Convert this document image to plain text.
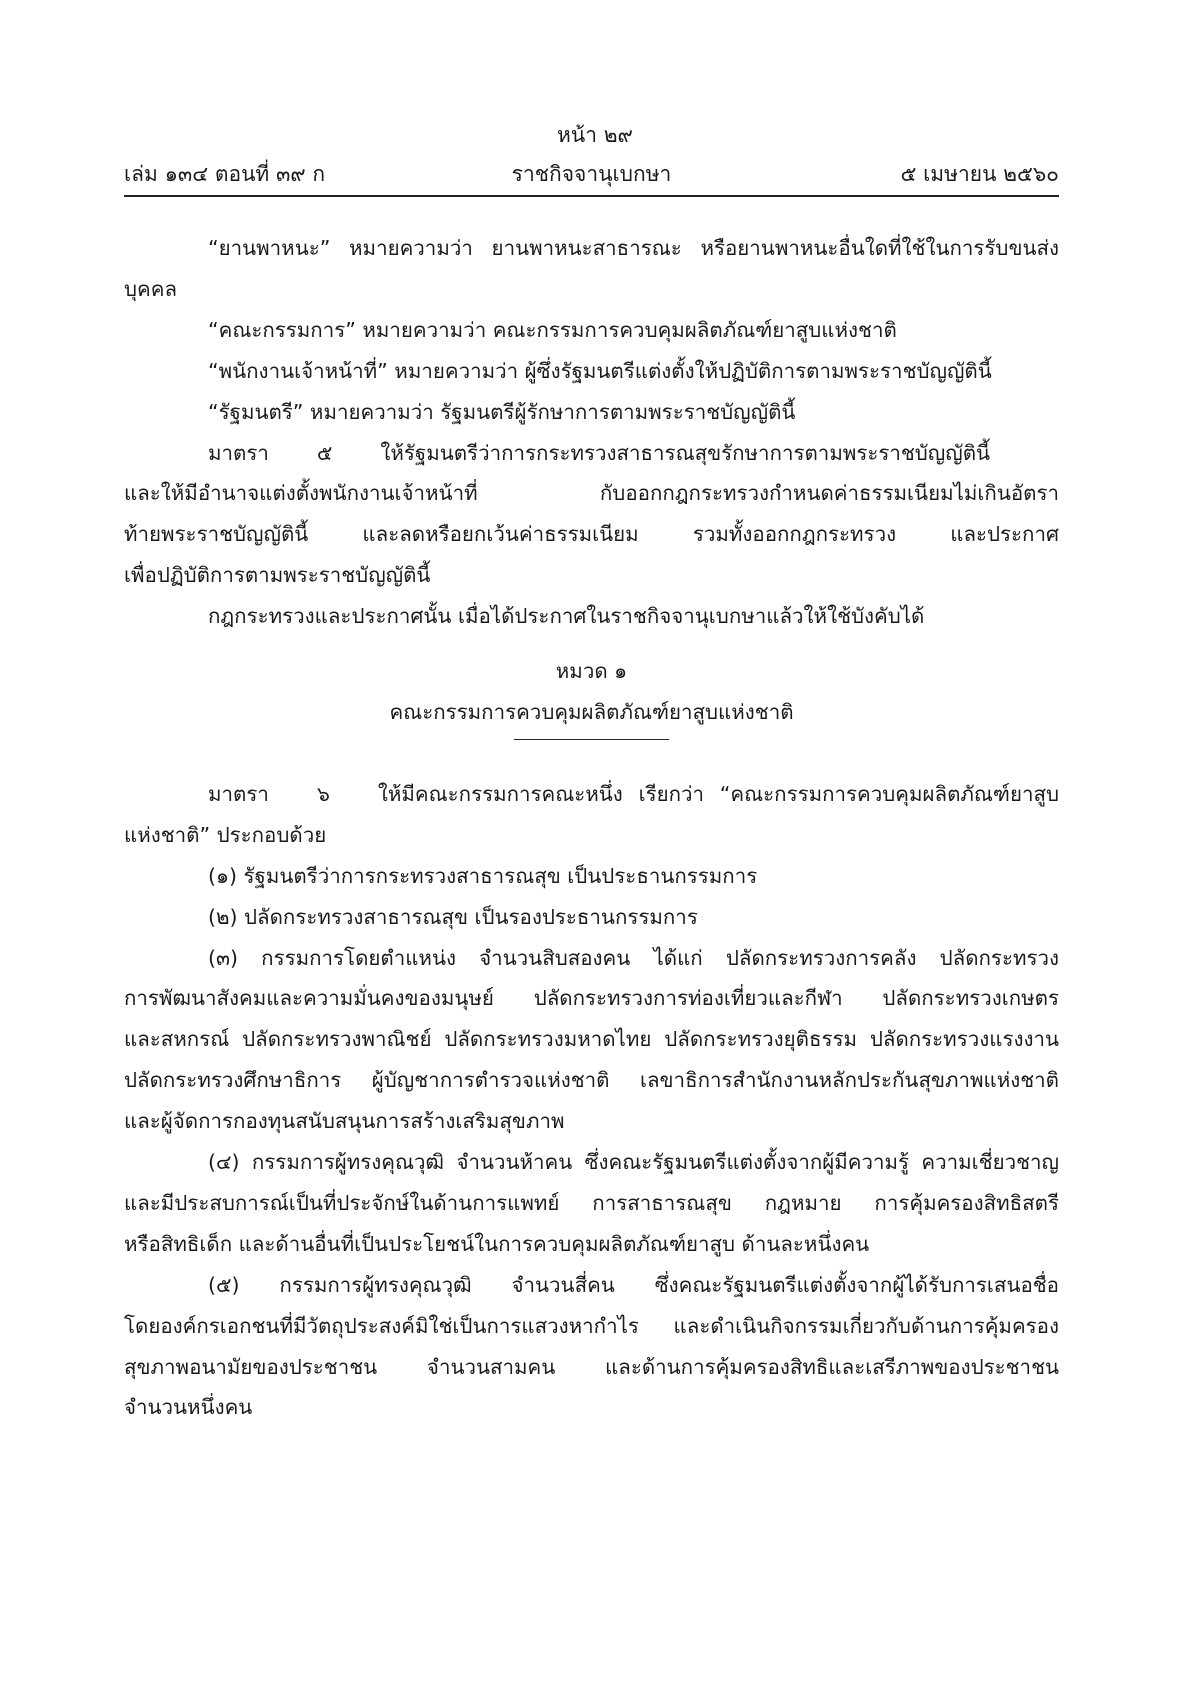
หน้า ๒๙
เล่ม ๑๓๔ ตอนที่ ๓๙ ก	ราชกิจจานุเบกษา	๕ เมษายน ๒๕๖๐

“ยานพาหนะ” หมายความว่า ยานพาหนะสาธารณะ หรือยานพาหนะอื่นใดที่ใช้ในการรับขนส่ง

บุคคล

“คณะกรรมการ” หมายความว่า คณะกรรมการควบคุมผลิตภัณฑ์ยาสูบแห่งชาติ

“พนักงานเจ้าหน้าที่” หมายความว่า ผู้ซึ่งรัฐมนตรีแต่งตั้งให้ปฏิบัติการตามพระราชบัญญัตินี้

“รัฐมนตรี” หมายความว่า รัฐมนตรีผู้รักษาการตามพระราชบัญญัตินี้

มาตรา ๕ ให้รัฐมนตรีว่าการกระทรวงสาธารณสุขรักษาการตามพระราชบัญญัตินี้

และให้มีอำนาจแต่งตั้งพนักงานเจ้าหน้าที่ กับออกกฎกระทรวงกำหนดค่าธรรมเนียมไม่เกินอัตรา

ท้ายพระราชบัญญัตินี้ และลดหรือยกเว้นค่าธรรมเนียม รวมทั้งออกกฎกระทรวง และประกาศ

เพื่อปฏิบัติการตามพระราชบัญญัตินี้

กฎกระทรวงและประกาศนั้น เมื่อได้ประกาศในราชกิจจานุเบกษาแล้วให้ใช้บังคับได้

หมวด ๑

คณะกรรมการควบคุมผลิตภัณฑ์ยาสูบแห่งชาติ

มาตรา ๖ ให้มีคณะกรรมการคณะหนึ่ง เรียกว่า “คณะกรรมการควบคุมผลิตภัณฑ์ยาสูบ

แห่งชาติ” ประกอบด้วย

(๑) รัฐมนตรีว่าการกระทรวงสาธารณสุข เป็นประธานกรรมการ

(๒) ปลัดกระทรวงสาธารณสุข เป็นรองประธานกรรมการ

(๓) กรรมการโดยตำแหน่ง จำนวนสิบสองคน ได้แก่ ปลัดกระทรวงการคลัง ปลัดกระทรวง

การพัฒนาสังคมและความมั่นคงของมนุษย์ ปลัดกระทรวงการท่องเที่ยวและกีฬา ปลัดกระทรวงเกษตร

และสหกรณ์ ปลัดกระทรวงพาณิชย์ ปลัดกระทรวงมหาดไทย ปลัดกระทรวงยุติธรรม ปลัดกระทรวงแรงงาน

ปลัดกระทรวงศึกษาธิการ ผู้บัญชาการตำรวจแห่งชาติ เลขาธิการสำนักงานหลักประกันสุขภาพแห่งชาติ

และผู้จัดการกองทุนสนับสนุนการสร้างเสริมสุขภาพ

(๔) กรรมการผู้ทรงคุณวุฒิ จำนวนห้าคน ซึ่งคณะรัฐมนตรีแต่งตั้งจากผู้มีความรู้ ความเชี่ยวชาญ

และมีประสบการณ์เป็นที่ประจักษ์ในด้านการแพทย์ การสาธารณสุข กฎหมาย การคุ้มครองสิทธิสตรี

หรือสิทธิเด็ก และด้านอื่นที่เป็นประโยชน์ในการควบคุมผลิตภัณฑ์ยาสูบ ด้านละหนึ่งคน

(๕) กรรมการผู้ทรงคุณวุฒิ จำนวนสี่คน ซึ่งคณะรัฐมนตรีแต่งตั้งจากผู้ได้รับการเสนอชื่อ

โดยองค์กรเอกชนที่มีวัตถุประสงค์มิใช่เป็นการแสวงหากำไร และดำเนินกิจกรรมเกี่ยวกับด้านการคุ้มครอง

สุขภาพอนามัยของประชาชน จำนวนสามคน และด้านการคุ้มครองสิทธิและเสรีภาพของประชาชน

จำนวนหนึ่งคน
